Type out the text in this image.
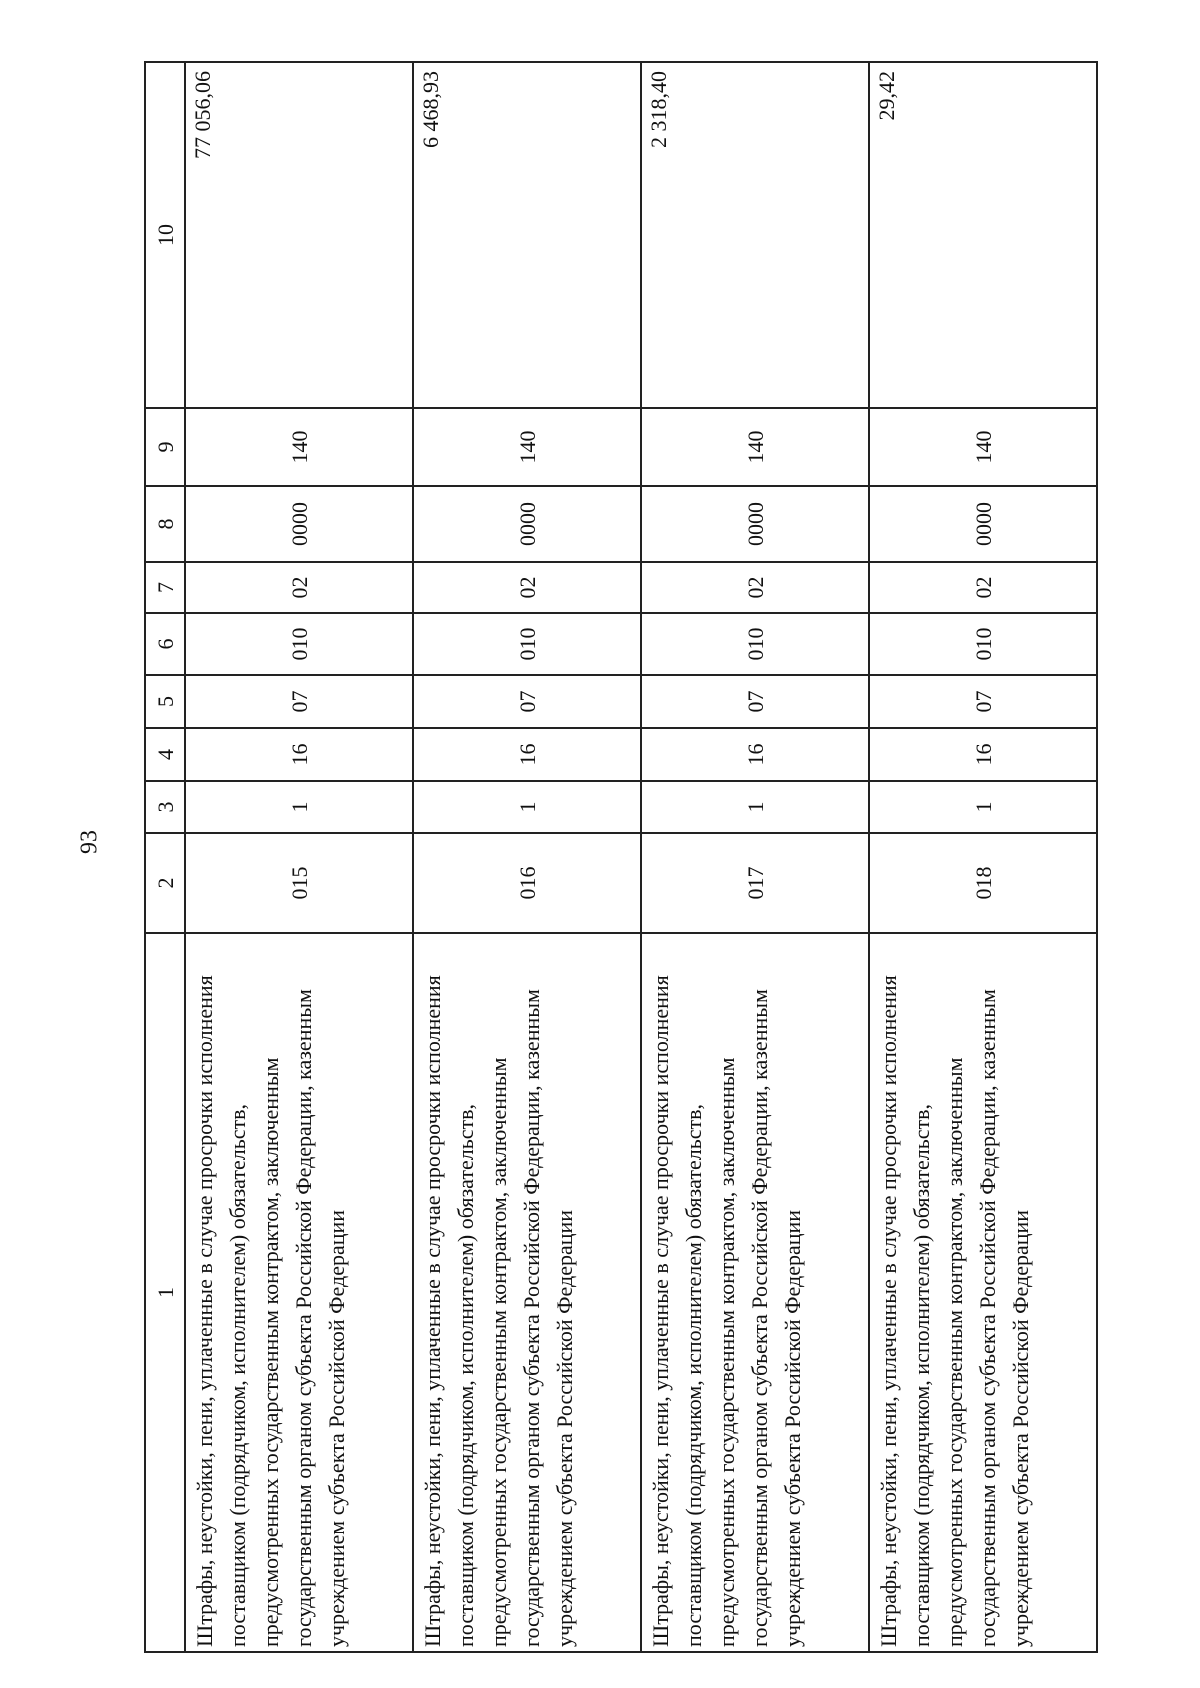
93
1	2	3	4	5	6	7	8	9	10
Штрафы, неустойки, пени, уплаченные в случае просрочки исполнения поставщиком (подрядчиком, исполнителем) обязательств, предусмотренных государственным контрактом, заключенным государственным органом субъекта Российской Федерации, казенным учреждением субъекта Российской Федерации	015	1	16	07	010	02	0000	140	77 056,06
Штрафы, неустойки, пени, уплаченные в случае просрочки исполнения поставщиком (подрядчиком, исполнителем) обязательств, предусмотренных государственным контрактом, заключенным государственным органом субъекта Российской Федерации, казенным учреждением субъекта Российской Федерации	016	1	16	07	010	02	0000	140	6 468,93
Штрафы, неустойки, пени, уплаченные в случае просрочки исполнения поставщиком (подрядчиком, исполнителем) обязательств, предусмотренных государственным контрактом, заключенным государственным органом субъекта Российской Федерации, казенным учреждением субъекта Российской Федерации	017	1	16	07	010	02	0000	140	2 318,40
Штрафы, неустойки, пени, уплаченные в случае просрочки исполнения поставщиком (подрядчиком, исполнителем) обязательств, предусмотренных государственным контрактом, заключенным государственным органом субъекта Российской Федерации, казенным учреждением субъекта Российской Федерации	018	1	16	07	010	02	0000	140	29,42
